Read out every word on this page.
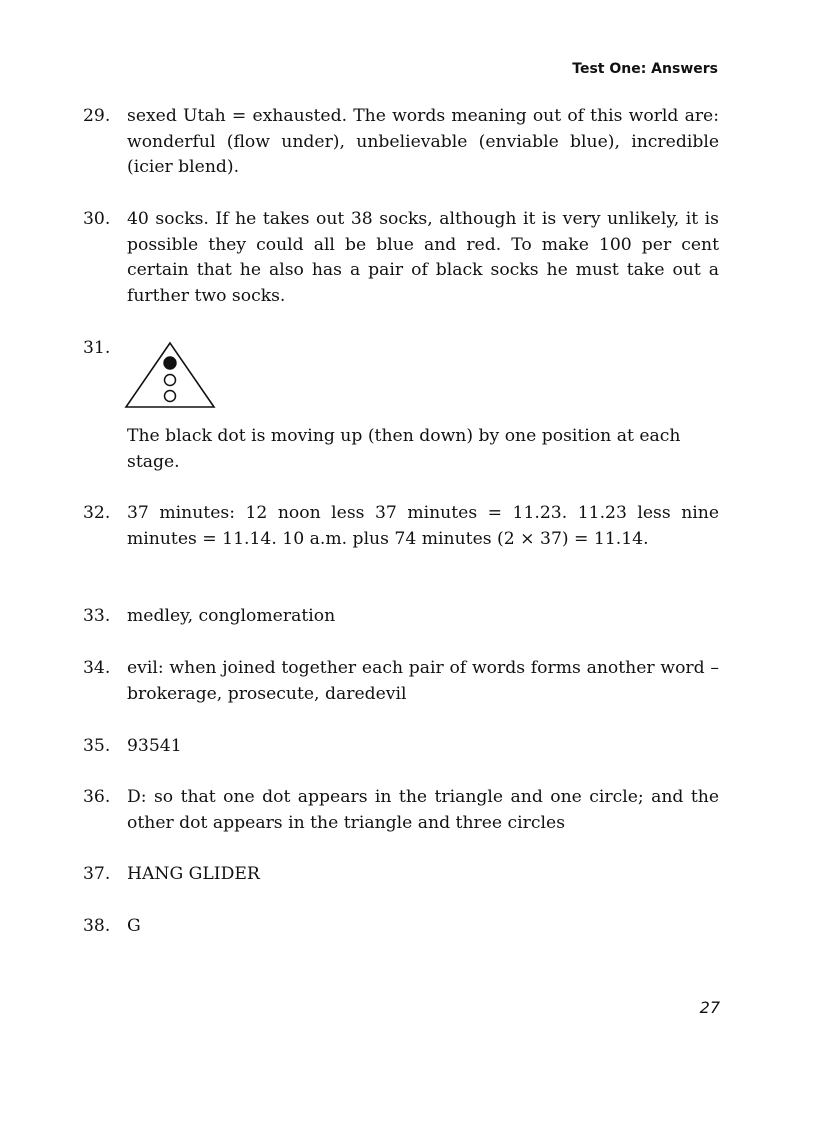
Test One: Answers
29. sexed Utah = exhausted. The words meaning out of this world are: wonderful (flow under), unbelievable (enviable blue), incredible (icier blend).
30. 40 socks. If he takes out 38 socks, although it is very unlikely, it is possible they could all be blue and red. To make 100 per cent certain that he also has a pair of black socks he must take out a further two socks.
31.
The black dot is moving up (then down) by one position at each stage.
32. 37 minutes: 12 noon less 37 minutes = 11.23. 11.23 less nine minutes = 11.14. 10 a.m. plus 74 minutes (2 × 37) = 11.14.
33. medley, conglomeration
34. evil: when joined together each pair of words forms another word – brokerage, prosecute, daredevil
35. 93541
36. D: so that one dot appears in the triangle and one circle; and the other dot appears in the triangle and three circles
37. HANG GLIDER
38. G
27
